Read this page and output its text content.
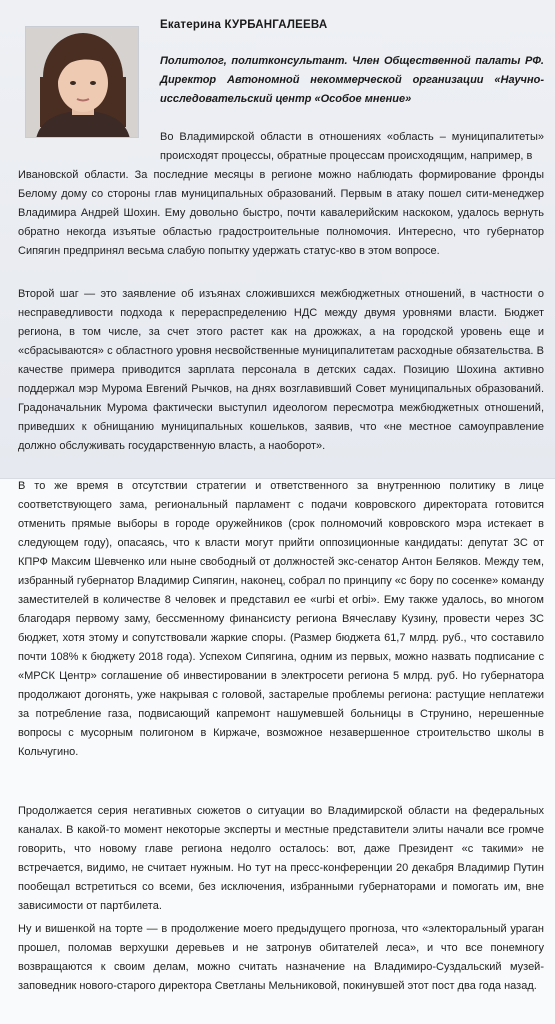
Екатерина КУРБАНГАЛЕЕВА
Политолог, политконсультант. Член Общественной палаты РФ. Директор Автономной некоммерческой организации «Научно-исследовательский центр «Особое мнение»
Во Владимирской области в отношениях «область – муниципалитеты» происходят процессы, обратные процессам происходящим, например, в
Ивановской области. За последние месяцы в регионе можно наблюдать формирование фронды Белому дому со стороны глав муниципальных образований. Первым в атаку пошел сити-менеджер Владимира Андрей Шохин. Ему довольно быстро, почти кавалерийским наскоком, удалось вернуть обратно некогда изъятые областью градостроительные полномочия. Интересно, что губернатор Сипягин предпринял весьма слабую попытку удержать статус-кво в этом вопросе.
Второй шаг — это заявление об изъянах сложившихся межбюджетных отношений, в частности о несправедливости подхода к перераспределению НДС между двумя уровнями власти. Бюджет региона, в том числе, за счет этого растет как на дрожжах, а на городской уровень еще и «сбрасываются» с областного уровня несвойственные муниципалитетам расходные обязательства. В качестве примера приводится зарплата персонала в детских садах. Позицию Шохина активно поддержал мэр Мурома Евгений Рычков, на днях возглавивший Совет муниципальных образований. Градоначальник Мурома фактически выступил идеологом пересмотра межбюджетных отношений, приведших к обнищанию муниципальных кошельков, заявив, что «не местное самоуправление должно обслуживать государственную власть, а наоборот».
В то же время в отсутствии стратегии и ответственного за внутреннюю политику в лице соответствующего зама, региональный парламент с подачи ковровского директората готовится отменить прямые выборы в городе оружейников (срок полномочий ковровского мэра истекает в следующем году), опасаясь, что к власти могут прийти оппозиционные кандидаты: депутат ЗС от КПРФ Максим Шевченко или ныне свободный от должностей экс-сенатор Антон Беляков. Между тем, избранный губернатор Владимир Сипягин, наконец, собрал по принципу «с бору по сосенке» команду заместителей в количестве 8 человек и представил ее «urbi et orbi». Ему также удалось, во многом благодаря первому заму, бессменному финансисту региона Вячеславу Кузину, провести через ЗС бюджет, хотя этому и сопутствовали жаркие споры. (Размер бюджета 61,7 млрд. руб., что составило почти 108% к бюджету 2018 года). Успехом Сипягина, одним из первых, можно назвать подписание с «МРСК Центр» соглашение об инвестировании в электросети региона 5 млрд. руб. Но губернатора продолжают догонять, уже накрывая с головой, застарелые проблемы региона: растущие неплатежи за потребление газа, подвисающий капремонт нашумевшей больницы в Струнино, нерешенные вопросы с мусорным полигоном в Киржаче, возможное незавершенное строительство школы в Кольчугино.
Продолжается серия негативных сюжетов о ситуации во Владимирской области на федеральных каналах. В какой-то момент некоторые эксперты и местные представители элиты начали все громче говорить, что новому главе региона недолго осталось: вот, даже Президент «с такими» не встречается, видимо, не считает нужным. Но тут на пресс-конференции 20 декабря Владимир Путин пообещал встретиться со всеми, без исключения, избранными губернаторами и помогать им, вне зависимости от партбилета.
Ну и вишенкой на торте — в продолжение моего предыдущего прогноза, что «электоральный ураган прошел, поломав верхушки деревьев и не затронув обитателей леса», и что все понемногу возвращаются к своим делам, можно считать назначение на Владимиро-Суздальский музей-заповедник нового-старого директора Светланы Мельниковой, покинувшей этот пост два года назад.
